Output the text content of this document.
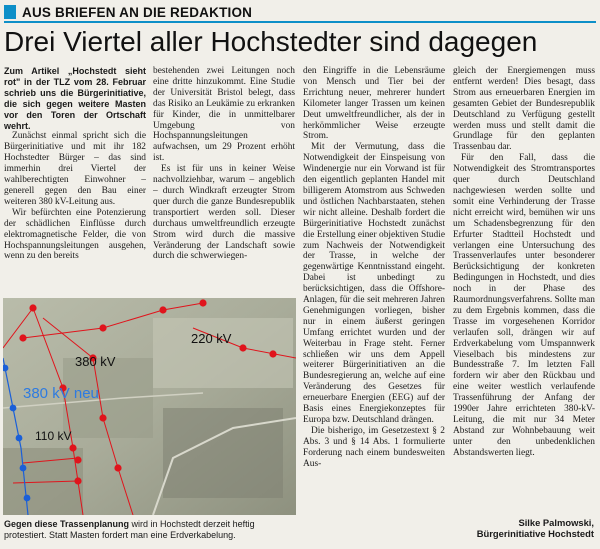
AUS BRIEFEN AN DIE REDAKTION
Drei Viertel aller Hochstedter sind dagegen

Zum Artikel „Hochstedt sieht rot" in der TLZ vom 28. Februar schrieb uns die Bürgerinitiative, die sich gegen weitere Masten vor den Toren der Ortschaft wehrt.

Zunächst einmal spricht sich die Bürgerinitiative und mit ihr 182 Hochstedter Bürger – das sind immerhin drei Viertel der wahlberechtigten Einwohner – generell gegen den Bau einer weiteren 380 kV-Leitung aus.

Wir befürchten eine Potenzierung der schädlichen Einflüsse durch elektromagnetische Felder, die von Hochspannungsleitungen ausgehen, wenn zu den bereits

bestehenden zwei Leitungen noch eine dritte hinzukommt. Eine Studie der Universität Bristol belegt, dass das Risiko an Leukämie zu erkranken für Kinder, die in unmittelbarer Umgebung von Hochspannungsleitungen aufwachsen, um 29 Prozent erhöht ist.

Es ist für uns in keiner Weise nachvollziehbar, warum – angeblich – durch Windkraft erzeugter Strom quer durch die ganze Bundesrepublik transportiert werden soll. Dieser durchaus umweltfreundlich erzeugte Strom wird durch die massive Veränderung der Landschaft sowie durch die schwerwiegen-

den Eingriffe in die Lebensräume von Mensch und Tier bei der Errichtung neuer, mehrerer hundert Kilometer langer Trassen um keinen Deut umweltfreundlicher, als der in herkömmlicher Weise erzeugte Strom.

Mit der Vermutung, dass die Notwendigkeit der Einspeisung von Windenergie nur ein Vorwand ist für den eigentlich geplanten Handel mit billigerem Atomstrom aus Schweden und östlichen Nachbarstaaten, stehen wir nicht alleine. Deshalb fordert die Bürgerinitiative Hochstedt zunächst die Erstellung einer objektiven Studie zum Nachweis der Notwendigkeit der Trasse, in welche der gegenwärtige Kenntnisstand eingeht. Dabei ist unbedingt zu berücksichtigen, dass die Offshore-Anlagen, für die seit mehreren Jahren Genehmigungen vorliegen, bisher nur in einem äußerst geringen Umfang errichtet wurden und der Weiterbau in Frage steht. Ferner schließen wir uns dem Appell weiterer Bürgerinitiativen an die Bundesregierung an, welche auf eine Veränderung des Gesetzes für erneuerbare Energien (EEG) auf der Basis eines Energiekonzeptes für Europa bzw. Deutschland drängen.

Die bisherigo, im Gesetzestext § 2 Abs. 3 und § 14 Abs. 1 formulierte Forderung nach einem bundesweiten Aus-

gleich der Energiemengen muss entfernt werden! Dies besagt, dass Strom aus erneuerbaren Energien im gesamten Gebiet der Bundesrepublik Deutschland zu Verfügung gestellt werden muss und stellt damit die Grundlage für den geplanten Trassenbau dar.

Für den Fall, dass die Notwendigkeit des Stromtransportes quer durch Deutschland nachgewiesen werden sollte und somit eine Verhinderung der Trasse nicht erreicht wird, bemühen wir uns um Schadensbegrenzung für den Erfurter Stadtteil Hochstedt und verlangen eine Untersuchung des Trassenverlaufes unter besonderer Berücksichtigung der konkreten Bedingungen in Hochstedt, und dies noch in der Phase des Raumordnungsverfahrens. Sollte man zu dem Ergebnis kommen, dass die Trasse im vorgesehenen Korridor verlaufen soll, drängen wir auf Erdverkabelung vom Umspannwerk Vieselbach bis mindestens zur Bundesstraße 7. Im letzten Fall fordern wir aber den Rückbau und eine weiter westlich verlaufende Trassenführung der Anfang der 1990er Jahre errichteten 380-kV-Leitung, die mit nur 34 Meter Abstand zur Wohnbebauung weit unter den unbedenklichen Abstandswerten liegt.

Silke Palmowski,
Bürgerinitiative Hochstedt
220 kV
380 kV
380 kV neu
110 kV
Gegen diese Trassenplanung wird in Hochstedt derzeit heftig protestiert. Statt Masten fordert man eine Erdverkabelung.
